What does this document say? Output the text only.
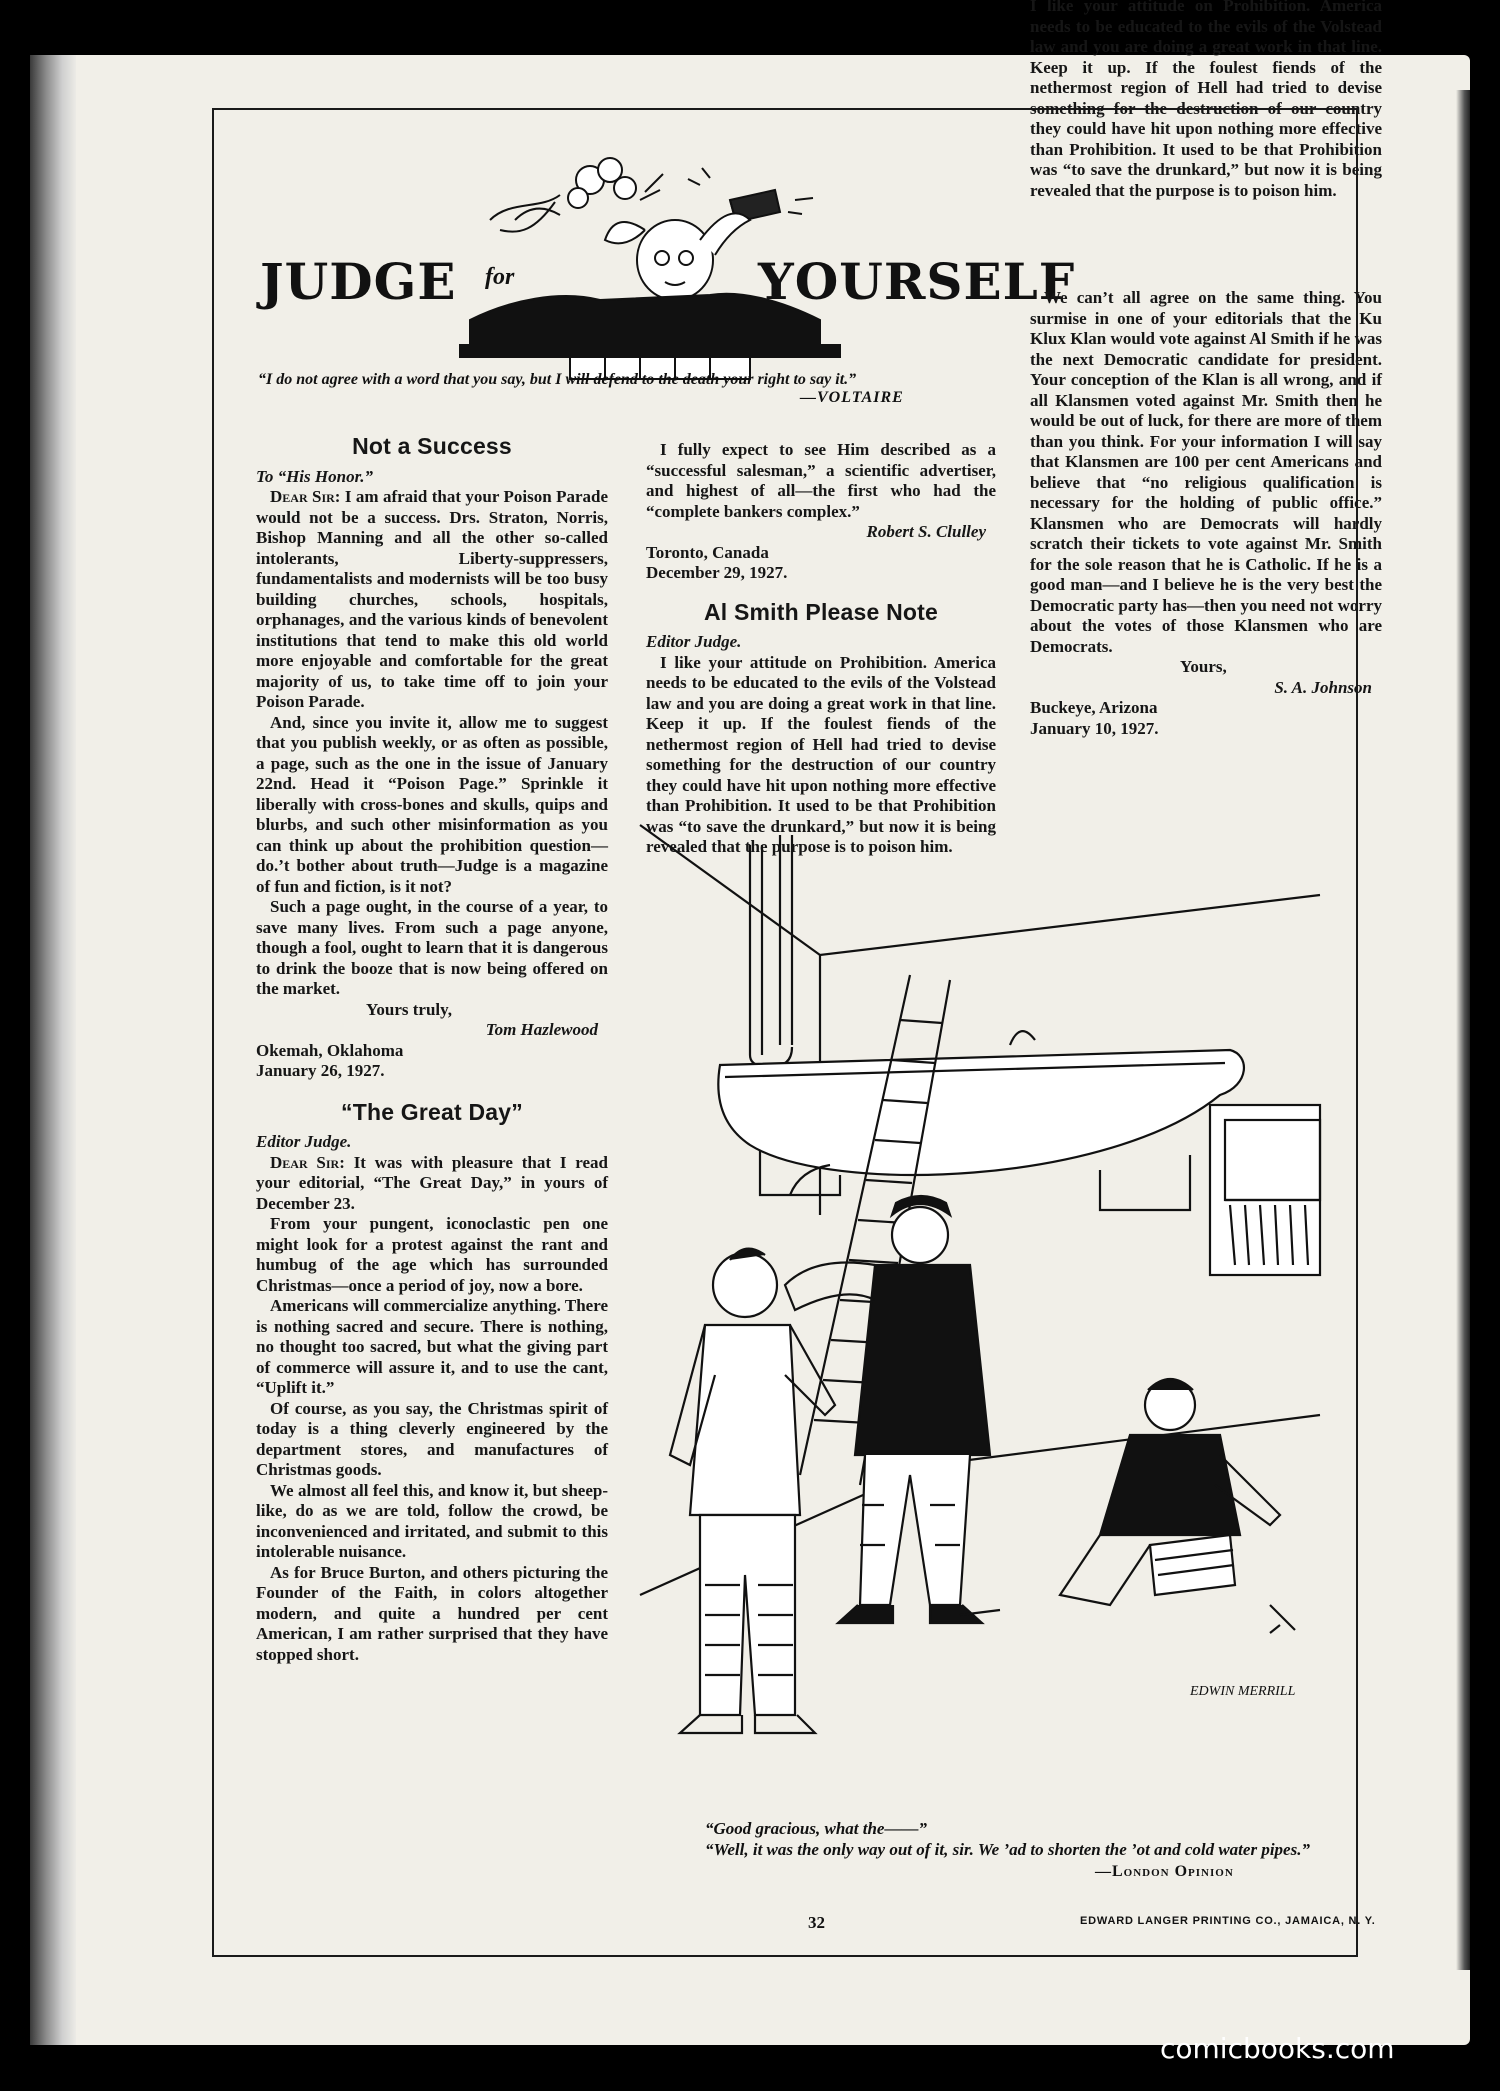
JUDGE for	YOURSELF
“I do not agree with a word that you say, but I will defend to the death your right to say it.”
—VOLTAIRE
Not a Success
To “His Honor.”

Dear Sir: I am afraid that your Poison Parade would not be a success. Drs. Straton, Norris, Bishop Manning and all the other so-called intolerants, Liberty-suppressers, fundamentalists and modernists will be too busy building churches, schools, hospitals, orphanages, and the various kinds of benevolent institutions that tend to make this old world more enjoyable and comfortable for the great majority of us, to take time off to join your Poison Parade.

And, since you invite it, allow me to suggest that you publish weekly, or as often as possible, a page, such as the one in the issue of January 22nd. Head it “Poison Page.” Sprinkle it liberally with cross-bones and skulls, quips and blurbs, and such other misinformation as you can think up about the prohibition question—do.’t bother about truth—Judge is a magazine of fun and fiction, is it not?

Such a page ought, in the course of a year, to save many lives. From such a page anyone, though a fool, ought to learn that it is dangerous to drink the booze that is now being offered on the market.

Yours truly,
Tom Hazlewood
Okemah, Oklahoma
January 26, 1927.
“The Great Day”
Editor Judge.

Dear Sir: It was with pleasure that I read your editorial, “The Great Day,” in yours of December 23.

From your pungent, iconoclastic pen one might look for a protest against the rant and humbug of the age which has surrounded Christmas—once a period of joy, now a bore.

Americans will commercialize anything. There is nothing sacred and secure. There is nothing, no thought too sacred, but what the giving part of commerce will assure it, and to use the cant, “Uplift it.”

Of course, as you say, the Christmas spirit of today is a thing cleverly engineered by the department stores, and manufactures of Christmas goods.

We almost all feel this, and know it, but sheep-like, do as we are told, follow the crowd, be inconvenienced and irritated, and submit to this intolerable nuisance.

As for Bruce Burton, and others picturing the Founder of the Faith, in colors altogether modern, and quite a hundred per cent American, I am rather surprised that they have stopped short.

I fully expect to see Him described as a “successful salesman,” a scientific advertiser, and highest of all—the first who had the “complete bankers complex.”

Robert S. Clulley
Toronto, Canada
December 29, 1927.
Al Smith Please Note
Editor Judge.

I like your attitude on Prohibition. America needs to be educated to the evils of the Volstead law and you are doing a great work in that line. Keep it up. If the foulest fiends of the nethermost region of Hell had tried to devise something for the destruction of our country they could have hit upon nothing more effective than Prohibition. It used to be that Prohibition was “to save the drunkard,” but now it is being revealed that the purpose is to poison him.

I like your attitude on Prohibition. America needs to be educated to the evils of the Volstead law and you are doing a great work in that line. Keep it up. If the foulest fiends of the nethermost region of Hell had tried to devise something for the destruction of our country they could have hit upon nothing more effective than Prohibition. It used to be that Prohibition was “to save the drunkard,” but now it is being revealed that the purpose is to poison him.

We can’t all agree on the same thing. You surmise in one of your editorials that the Ku Klux Klan would vote against Al Smith if he was the next Democratic candidate for president. Your conception of the Klan is all wrong, and if all Klansmen voted against Mr. Smith then he would be out of luck, for there are more of them than you think. For your information I will say that Klansmen are 100 per cent Americans and believe that “no religious qualification is necessary for the holding of public office.” Klansmen who are Democrats will hardly scratch their tickets to vote against Mr. Smith for the sole reason that he is Catholic. If he is a good man—and I believe he is the very best the Democratic party has—then you need not worry about the votes of those Klansmen who are Democrats.

Yours,
S. A. Johnson
Buckeye, Arizona
January 10, 1927.
EDWIN MERRILL
“Good gracious, what the——”
“Well, it was the only way out of it, sir. We ’ad to shorten the ’ot and cold water pipes.”
—London Opinion
32	EDWARD LANGER PRINTING CO., JAMAICA, N. Y.
comicbooks.com
